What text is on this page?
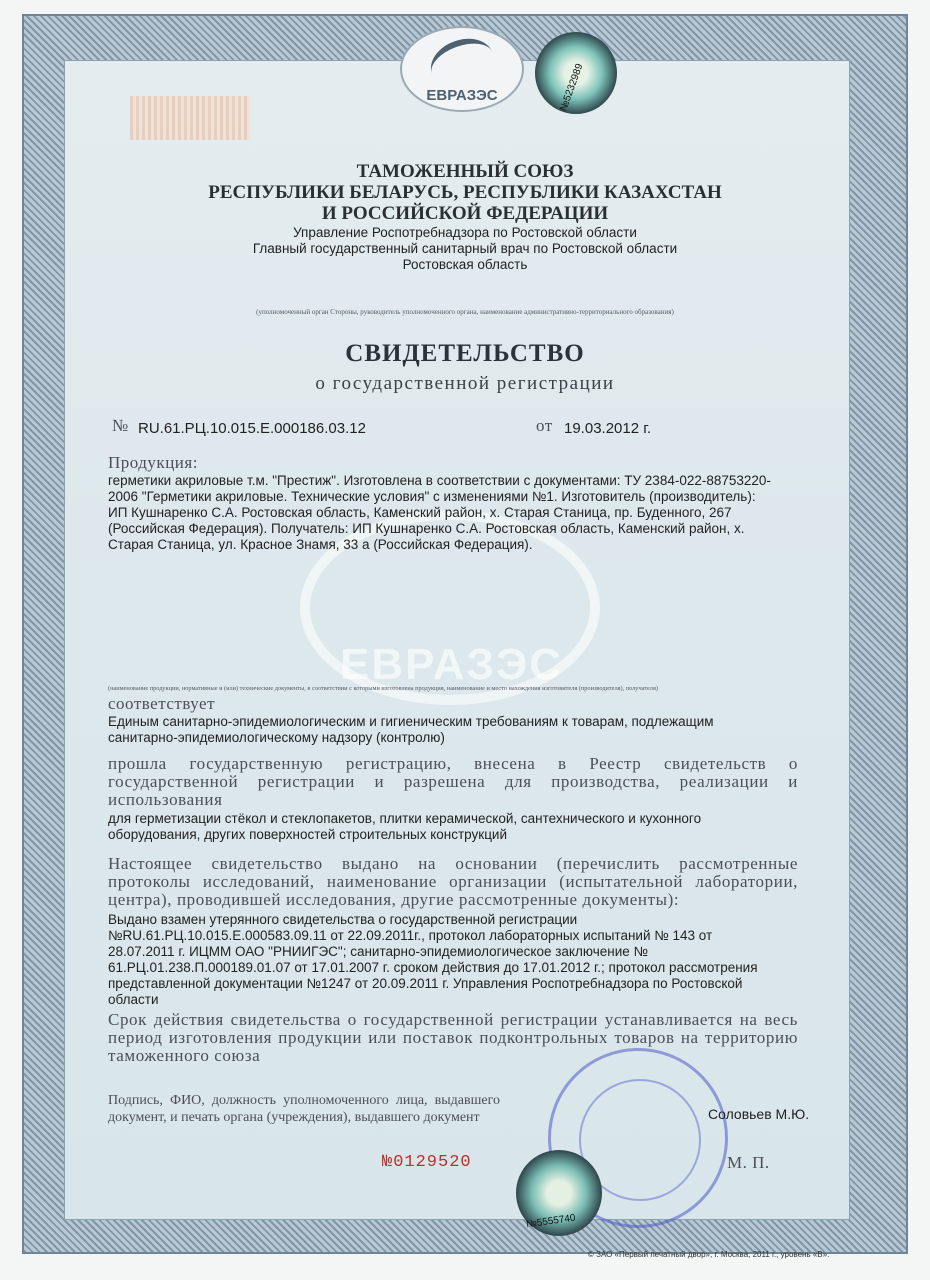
ЕВРАЗЭС
ЕВРАЗЭС	№5232989
ТАМОЖЕННЫЙ СОЮЗ
РЕСПУБЛИКИ БЕЛАРУСЬ, РЕСПУБЛИКИ КАЗАХСТАН
И РОССИЙСКОЙ ФЕДЕРАЦИИ
Управление Роспотребнадзора по Ростовской области
Главный государственный санитарный врач по Ростовской области
Ростовская область
(уполномоченный орган Стороны, руководитель уполномоченного органа, наименование административно-территориального образования)
СВИДЕТЕЛЬСТВО
о государственной регистрации
№ RU.61.РЦ.10.015.Е.000186.03.12	от 19.03.2012 г.
Продукция:
герметики акриловые т.м. "Престиж". Изготовлена в соответствии с документами: ТУ 2384-022-88753220-
2006 "Герметики акриловые. Технические условия" с изменениями №1. Изготовитель (производитель):
ИП Кушнаренко С.А. Ростовская область, Каменский район, х. Старая Станица, пр. Буденного, 267
(Российская Федерация). Получатель: ИП Кушнаренко С.А. Ростовская область, Каменский район, х.
Старая Станица, ул. Красное Знамя, 33 а (Российская Федерация).
(наименование продукции, нормативные и (или) технические документы, в соответствии с которыми изготовлена продукция, наименование и место нахождения изготовителя (производителя), получателя)
соответствует
Единым санитарно-эпидемиологическим и гигиеническим требованиям к товарам, подлежащим
санитарно-эпидемиологическому надзору (контролю)
прошла государственную регистрацию, внесена в Реестр свидетельств о государственной регистрации и разрешена для производства, реализации и использования
для герметизации стёкол и стеклопакетов, плитки керамической, сантехнического и кухонного
оборудования, других поверхностей строительных конструкций
Настоящее свидетельство выдано на основании (перечислить рассмотренные протоколы исследований, наименование организации (испытательной лаборатории, центра), проводившей исследования, другие рассмотренные документы):
Выдано взамен утерянного свидетельства о государственной регистрации
№RU.61.РЦ.10.015.Е.000583.09.11 от 22.09.2011г., протокол лабораторных испытаний № 143 от
28.07.2011 г. ИЦММ ОАО "РНИИГЭС"; санитарно-эпидемиологическое заключение №
61.РЦ.01.238.П.000189.01.07 от 17.01.2007 г. сроком действия до 17.01.2012 г.; протокол рассмотрения
представленной документации №1247 от 20.09.2011 г. Управления Роспотребнадзора по Ростовской
области
Срок действия свидетельства о государственной регистрации устанавливается на весь период изготовления продукции или поставок подконтрольных товаров на территорию таможенного союза
Подпись, ФИО, должность уполномоченного лица, выдавшего документ, и печать органа (учреждения), выдавшего документ	Соловьев М.Ю.
№0129520	М. П.
№5555740
© ЗАО «Первый печатный двор», г. Москва, 2011 г., уровень «В».
